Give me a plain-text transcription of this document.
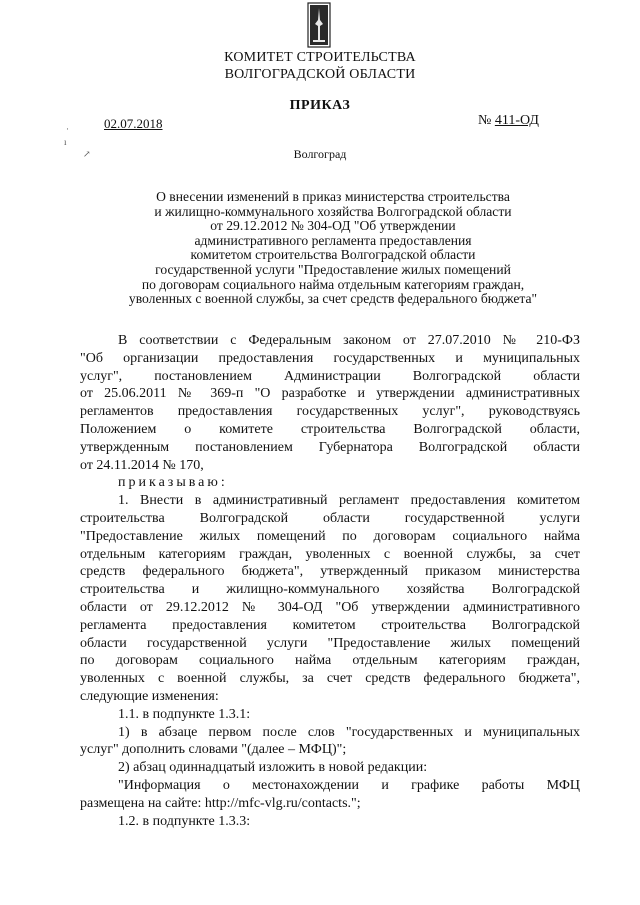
КОМИТЕТ СТРОИТЕЛЬСТВА
ВОЛГОГРАДСКОЙ ОБЛАСТИ
ПРИКАЗ
02.07.2018	№ 411-ОД
·
ı
↗	Волгоград
О внесении изменений в приказ министерства строительства
и жилищно-коммунального хозяйства Волгоградской области
от 29.12.2012 № 304-ОД "Об утверждении
административного регламента предоставления
комитетом строительства Волгоградской области
государственной услуги "Предоставление жилых помещений
по договорам социального найма отдельным категориям граждан,
уволенных с военной службы, за счет средств федерального бюджета"
В соответствии с Федеральным законом от 27.07.2010 № 210-ФЗ
"Об организации предоставления государственных и муниципальных
услуг", постановлением Администрации Волгоградской области
от 25.06.2011 № 369-п "О разработке и утверждении административных
регламентов предоставления государственных услуг", руководствуясь
Положением о комитете строительства Волгоградской области,
утвержденным постановлением Губернатора Волгоградской области
от 24.11.2014 № 170,
приказываю:
1. Внести в административный регламент предоставления комитетом
строительства Волгоградской области государственной услуги
"Предоставление жилых помещений по договорам социального найма
отдельным категориям граждан, уволенных с военной службы, за счет
средств федерального бюджета", утвержденный приказом министерства
строительства и жилищно-коммунального хозяйства Волгоградской
области от 29.12.2012 № 304-ОД "Об утверждении административного
регламента предоставления комитетом строительства Волгоградской
области государственной услуги "Предоставление жилых помещений
по договорам социального найма отдельным категориям граждан,
уволенных с военной службы, за счет средств федерального бюджета",
следующие изменения:
1.1. в подпункте 1.3.1:
1) в абзаце первом после слов "государственных и муниципальных
услуг" дополнить словами "(далее – МФЦ)";
2) абзац одиннадцатый изложить в новой редакции:
"Информация о местонахождении и графике работы МФЦ
размещена на сайте: http://mfc-vlg.ru/contacts.";
1.2. в подпункте 1.3.3:
